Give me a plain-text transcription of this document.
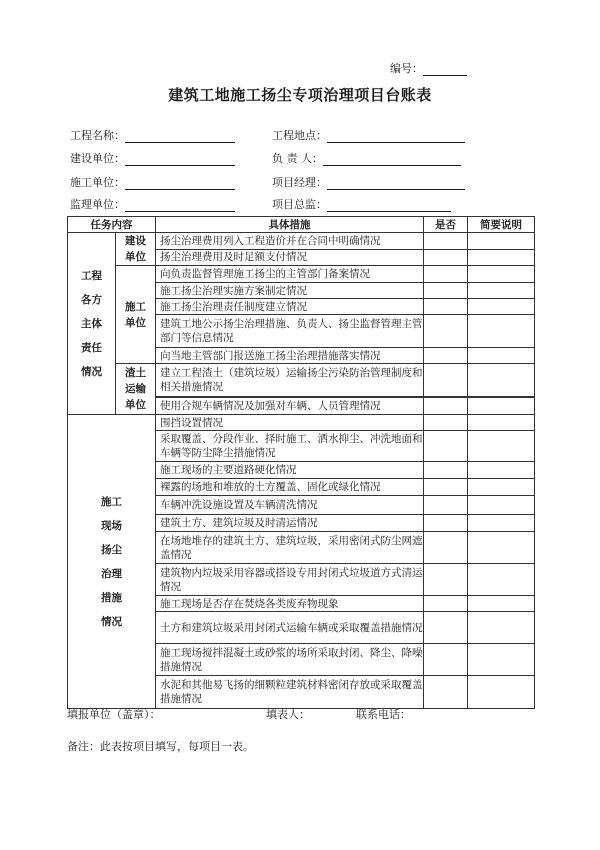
编号：
建筑工地施工扬尘专项治理项目台账表
工程名称：	工程地点：
建设单位：	负 责 人：
施工单位：	项目经理：
监理单位：	项目总监：
任务内容		具体措施	是否	简要说明
工程各方主体责任情况	建设单位	扬尘治理费用列入工程造价并在合同中明确情况		
		扬尘治理费用及时足额支付情况		
	施工单位	向负责监督管理施工扬尘的主管部门备案情况		
		施工扬尘治理实施方案制定情况		
		施工扬尘治理责任制度建立情况		
		建筑工地公示扬尘治理措施、负责人、扬尘监督管理主管部门等信息情况		
		向当地主管部门报送施工扬尘治理措施落实情况		
	渣土运输单位	建立工程渣土（建筑垃圾）运输扬尘污染防治管理制度和相关措施情况		

		使用合规车辆情况及加强对车辆、人员管理情况		
施工现场扬尘治理措施情况		围挡设置情况		
		采取覆盖、分段作业、择时施工、洒水抑尘、冲洗地面和车辆等防尘降尘措施情况		
		施工现场的主要道路硬化情况		
		裸露的场地和堆放的土方覆盖、固化或绿化情况		
		车辆冲洗设施设置及车辆清洗情况		
		建筑土方、建筑垃圾及时清运情况		
		在场地堆存的建筑土方、建筑垃圾，采用密闭式防尘网遮盖情况		
		建筑物内垃圾采用容器或搭设专用封闭式垃圾道方式清运情况		
		施工现场是否存在焚烧各类废弃物现象		
		土方和建筑垃圾采用封闭式运输车辆或采取覆盖措施情况		
		施工现场搅拌混凝土或砂浆的场所采取封闭、降尘、降噪措施情况		
		水泥和其他易飞扬的细颗粒建筑材料密闭存放或采取覆盖措施情况		
填报单位（盖章）：	填表人：	联系电话：
备注：此表按项目填写，每项目一表。
